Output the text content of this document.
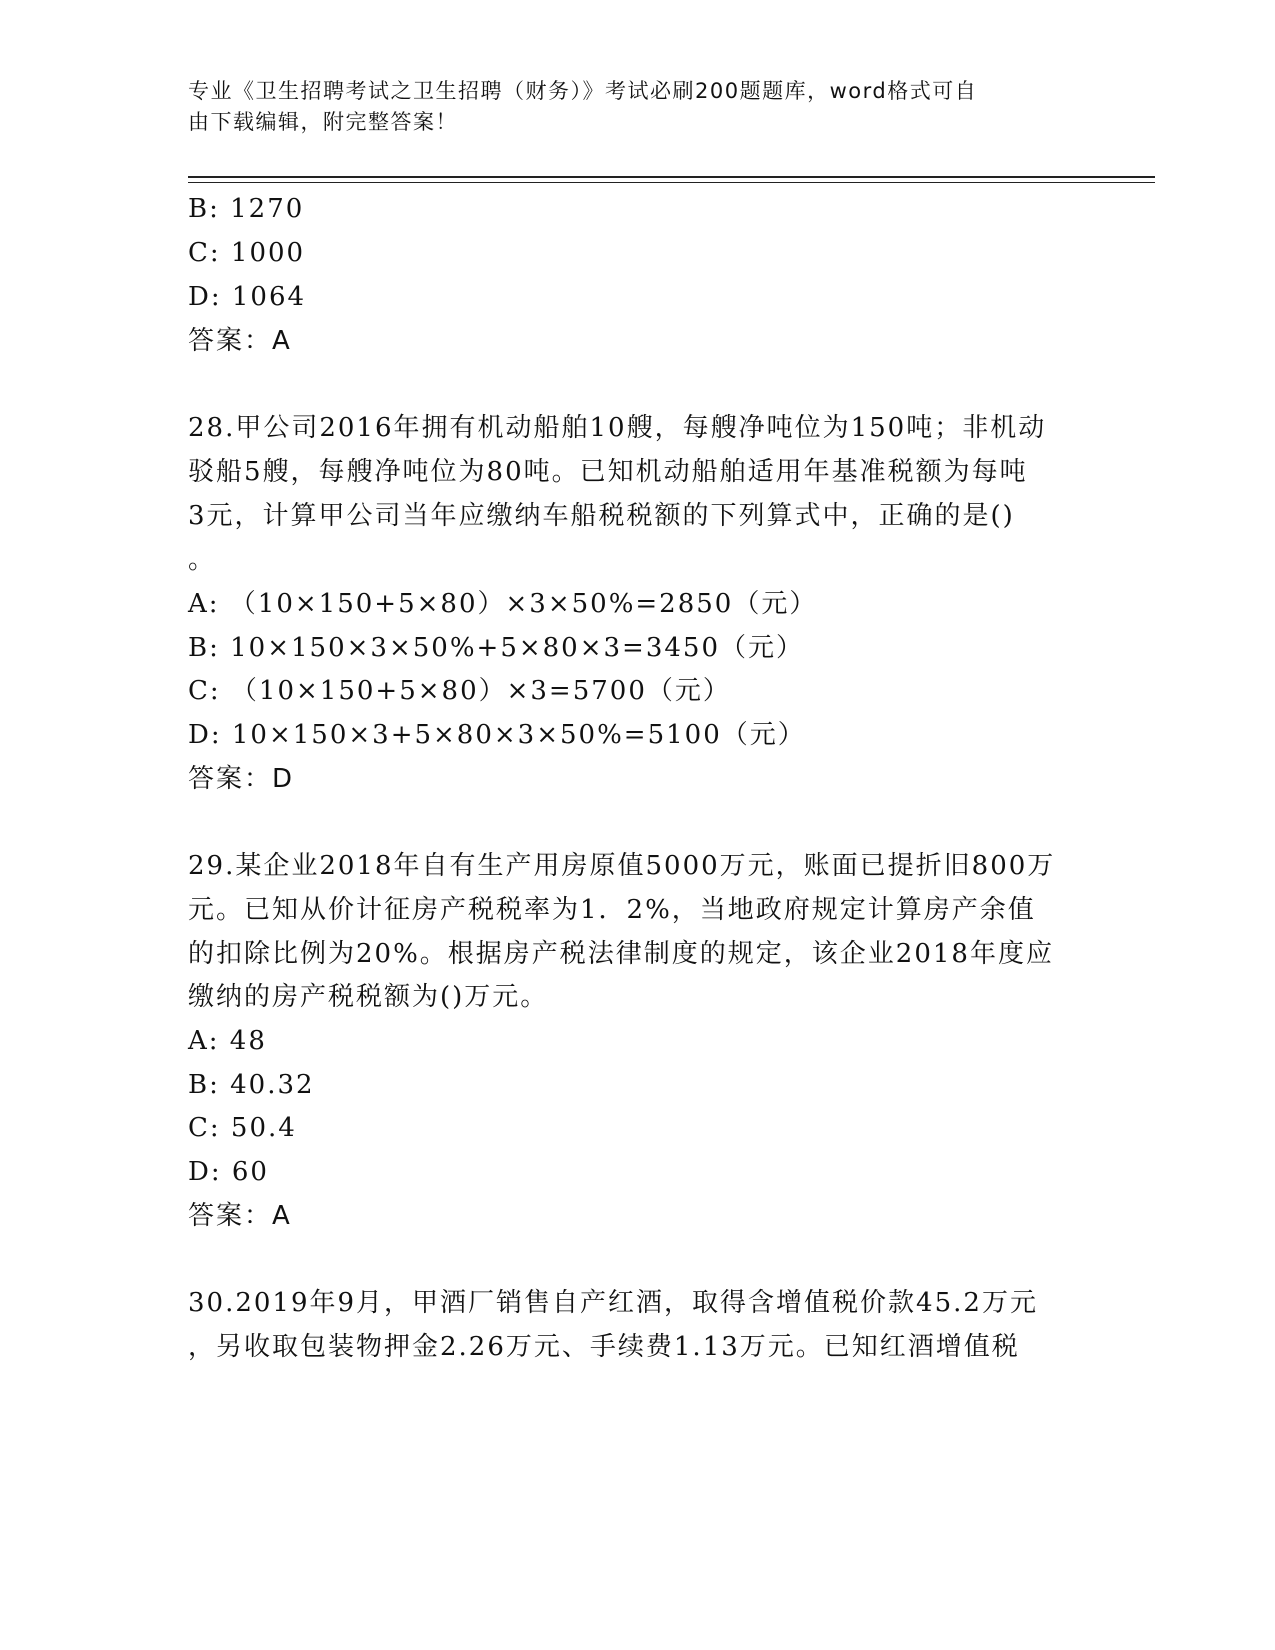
专业《卫生招聘考试之卫生招聘（财务）》考试必刷200题题库，word格式可自
由下载编辑，附完整答案！
B: 1270
C: 1000
D: 1064
答案：A
28.甲公司2016年拥有机动船舶10艘，每艘净吨位为150吨；非机动
驳船5艘，每艘净吨位为80吨。已知机动船舶适用年基准税额为每吨
3元，计算甲公司当年应缴纳车船税税额的下列算式中，正确的是()
。
A: （10×150+5×80）×3×50%=2850（元）
B: 10×150×3×50%+5×80×3=3450（元）
C: （10×150+5×80）×3=5700（元）
D: 10×150×3+5×80×3×50%=5100（元）
答案：D
29.某企业2018年自有生产用房原值5000万元，账面已提折旧800万
元。已知从价计征房产税税率为1．2%，当地政府规定计算房产余值
的扣除比例为20%。根据房产税法律制度的规定，该企业2018年度应
缴纳的房产税税额为()万元。
A: 48
B: 40.32
C: 50.4
D: 60
答案：A
30.2019年9月，甲酒厂销售自产红酒，取得含增值税价款45.2万元
，另收取包装物押金2.26万元、手续费1.13万元。已知红酒增值税
